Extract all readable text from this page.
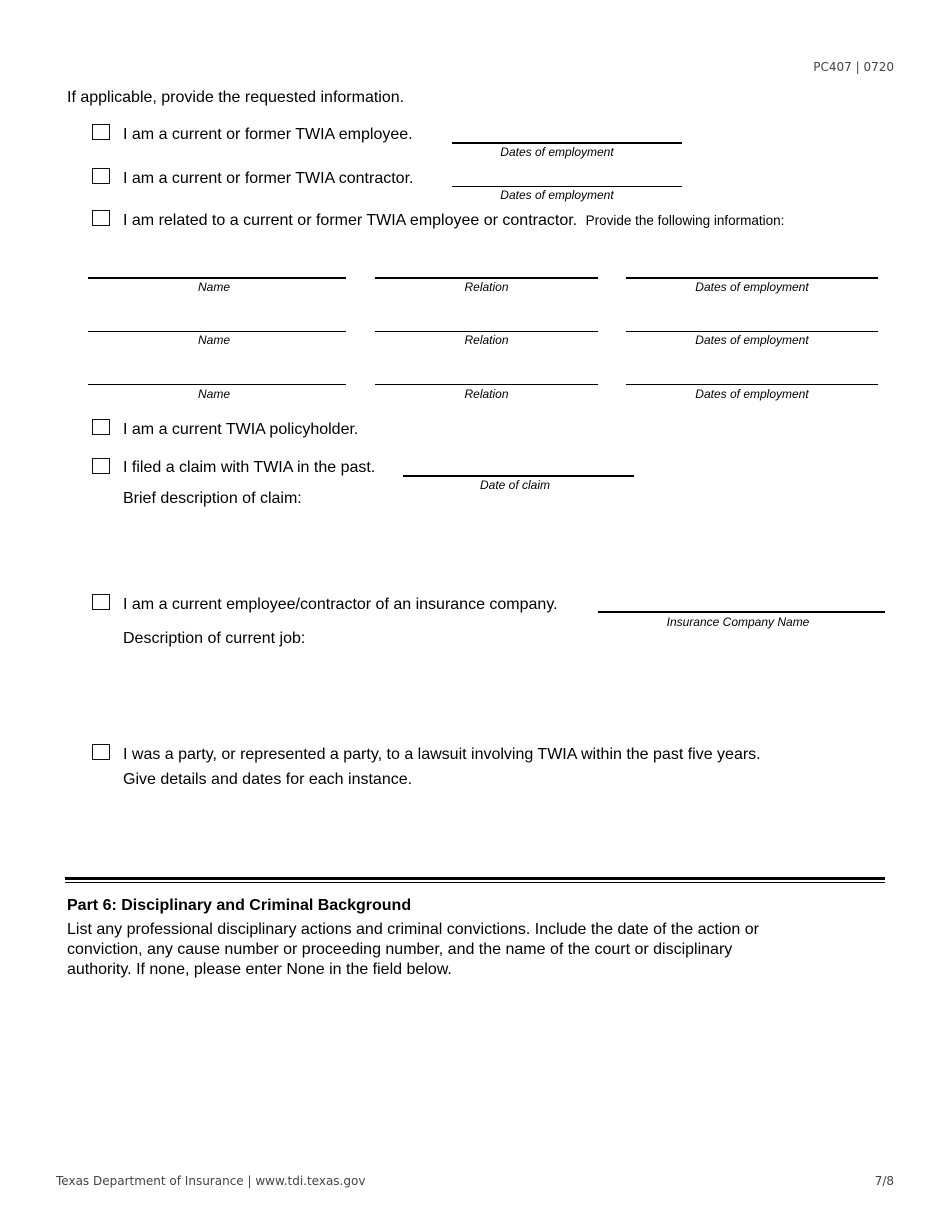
PC407 | 0720
If applicable, provide the requested information.
I am a current or former TWIA employee.
Dates of employment
I am a current or former TWIA contractor.
Dates of employment
I am related to a current or former TWIA employee or contractor. Provide the following information:
Name	Relation	Dates of employment
Name	Relation	Dates of employment
Name	Relation	Dates of employment
I am a current TWIA policyholder.
I filed a claim with TWIA in the past.
Date of claim
Brief description of claim:
I am a current employee/contractor of an insurance company.
Insurance Company Name
Description of current job:
I was a party, or represented a party, to a lawsuit involving TWIA within the past five years.
Give details and dates for each instance.
Part 6: Disciplinary and Criminal Background
List any professional disciplinary actions and criminal convictions. Include the date of the action or
conviction, any cause number or proceeding number, and the name of the court or disciplinary
authority. If none, please enter None in the field below.
Texas Department of Insurance | www.tdi.texas.gov	7/8
